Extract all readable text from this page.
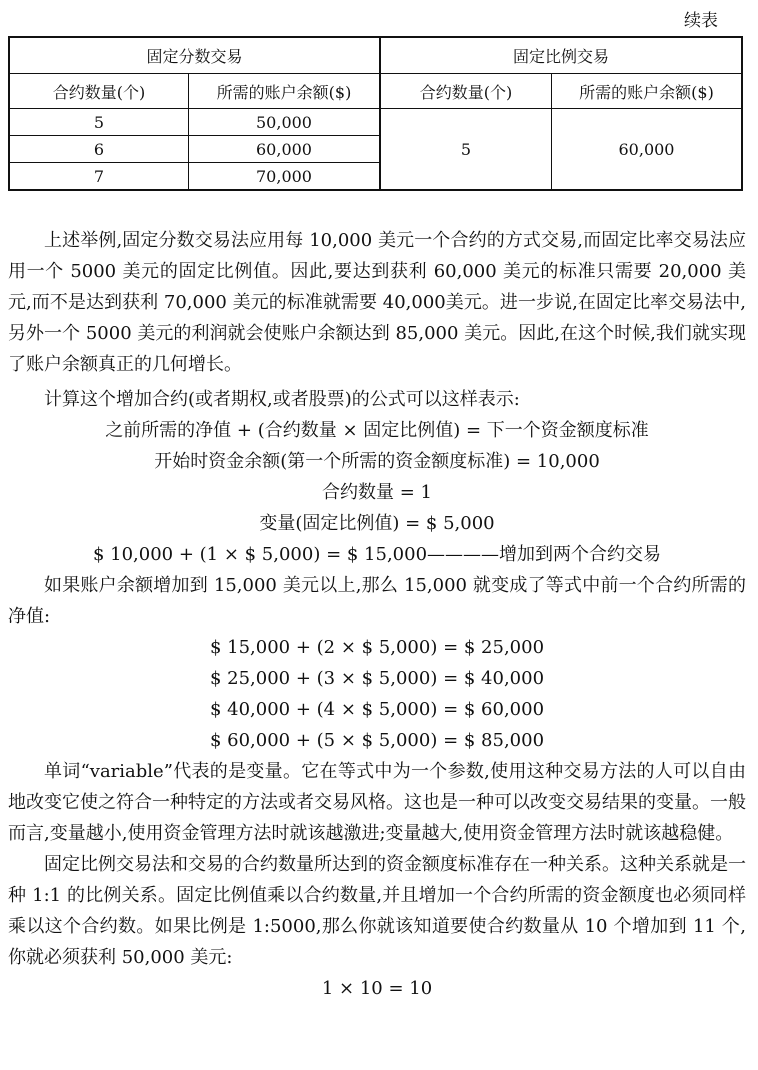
续表
固定分数交易		固定比例交易	
合约数量(个)	所需的账户余额($)	合约数量(个)	所需的账户余额($)
5	50,000	5	60,000
6	60,000		
7	70,000		

上述举例,固定分数交易法应用每 10,000 美元一个合约的方式交易,而固定比率交易法应用一个 5000 美元的固定比例值。因此,要达到获利 60,000 美元的标准只需要 20,000 美元,而不是达到获利 70,000 美元的标准就需要 40,000美元。进一步说,在固定比率交易法中,另外一个 5000 美元的利润就会使账户余额达到 85,000 美元。因此,在这个时候,我们就实现了账户余额真正的几何增长。

计算这个增加合约(或者期权,或者股票)的公式可以这样表示:

之前所需的净值 + (合约数量 × 固定比例值) = 下一个资金额度标准

开始时资金余额(第一个所需的资金额度标准) = 10,000

合约数量 = 1

变量(固定比例值) = $ 5,000

$ 10,000 + (1 × $ 5,000) = $ 15,000————增加到两个合约交易

如果账户余额增加到 15,000 美元以上,那么 15,000 就变成了等式中前一个合约所需的净值:

$ 15,000 + (2 × $ 5,000) = $ 25,000

$ 25,000 + (3 × $ 5,000) = $ 40,000

$ 40,000 + (4 × $ 5,000) = $ 60,000

$ 60,000 + (5 × $ 5,000) = $ 85,000

单词“variable”代表的是变量。它在等式中为一个参数,使用这种交易方法的人可以自由地改变它使之符合一种特定的方法或者交易风格。这也是一种可以改变交易结果的变量。一般而言,变量越小,使用资金管理方法时就该越激进;变量越大,使用资金管理方法时就该越稳健。

固定比例交易法和交易的合约数量所达到的资金额度标准存在一种关系。这种关系就是一种 1:1 的比例关系。固定比例值乘以合约数量,并且增加一个合约所需的资金额度也必须同样乘以这个合约数。如果比例是 1:5000,那么你就该知道要使合约数量从 10 个增加到 11 个,你就必须获利 50,000 美元:

1 × 10 = 10
